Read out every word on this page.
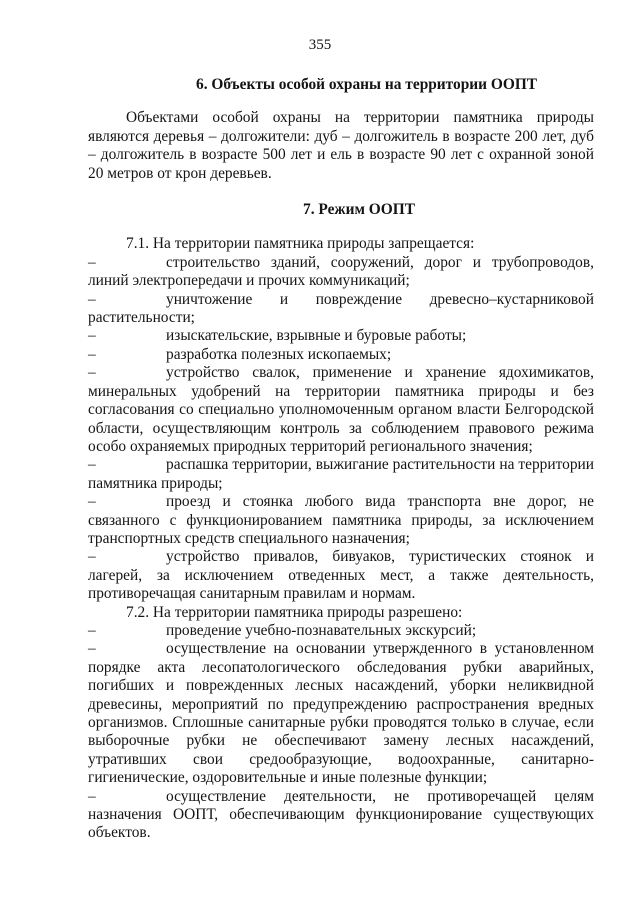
355
6. Объекты особой охраны на территории ООПТ

Объектами особой охраны на территории памятника природы являются деревья – долгожители: дуб – долгожитель в возрасте 200 лет, дуб – долгожитель в возрасте 500 лет и ель в возрасте 90 лет с охранной зоной 20 метров от крон деревьев.

7. Режим ООПТ

7.1. На территории памятника природы запрещается:

–	строительство зданий, сооружений, дорог и трубопроводов, линий электропередачи и прочих коммуникаций;

–	уничтожение и повреждение древесно–кустарниковой растительности;

–	изыскательские, взрывные и буровые работы;

–	разработка полезных ископаемых;

–	устройство свалок, применение и хранение ядохимикатов, минеральных удобрений на территории памятника природы и без согласования со специально уполномоченным органом власти Белгородской области, осуществляющим контроль за соблюдением правового режима особо охраняемых природных территорий регионального значения;

–	распашка территории, выжигание растительности на территории памятника природы;

–	проезд и стоянка любого вида транспорта вне дорог, не связанного с функционированием памятника природы, за исключением транспортных средств специального назначения;

–	устройство привалов, бивуаков, туристических стоянок и лагерей, за исключением отведенных мест, а также деятельность, противоречащая санитарным правилам и нормам.

7.2. На территории памятника природы разрешено:

–	проведение учебно-познавательных экскурсий;

–	осуществление на основании утвержденного в установленном порядке акта лесопатологического обследования рубки аварийных, погибших и поврежденных лесных насаждений, уборки неликвидной древесины, мероприятий по предупреждению распространения вредных организмов. Сплошные санитарные рубки проводятся только в случае, если выборочные рубки не обеспечивают замену лесных насаждений, утративших свои средообразующие, водоохранные, санитарно-гигиенические, оздоровительные и иные полезные функции;

–	осуществление деятельности, не противоречащей целям назначения ООПТ, обеспечивающим функционирование существующих объектов.
